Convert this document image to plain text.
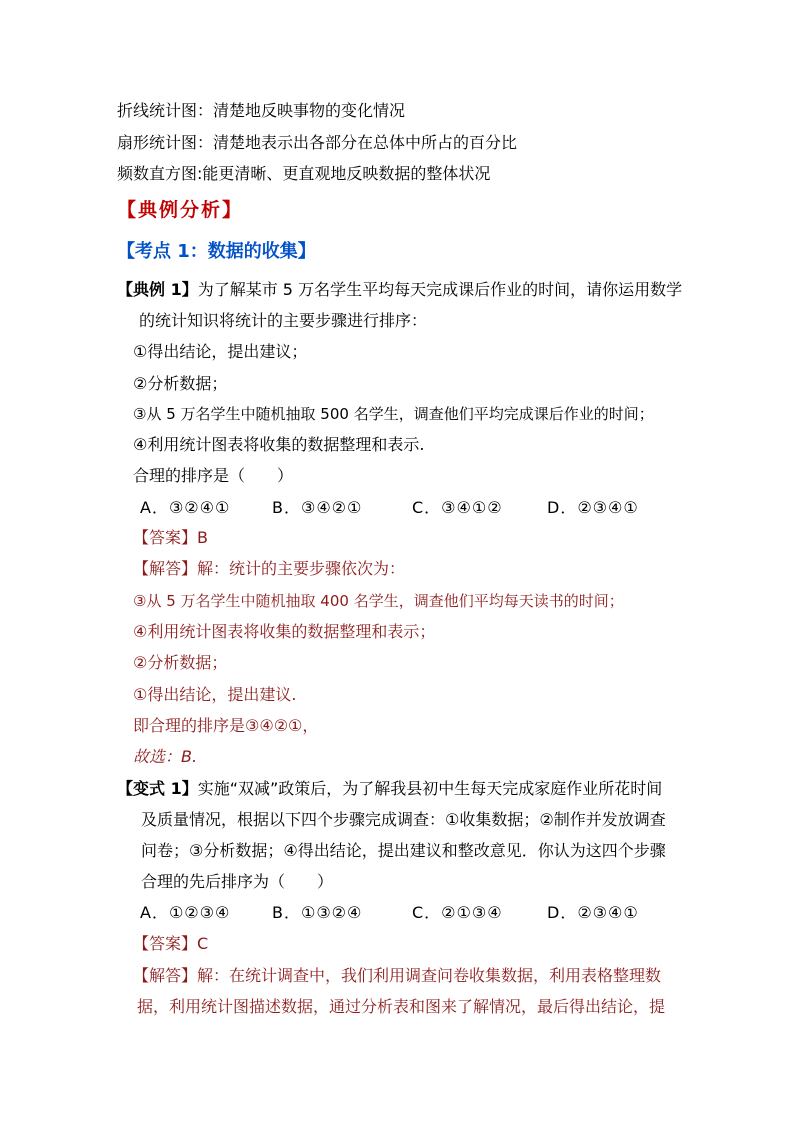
折线统计图：清楚地反映事物的变化情况
扇形统计图：清楚地表示出各部分在总体中所占的百分比
频数直方图:能更清晰、更直观地反映数据的整体状况
【典例分析】
【考点 1：数据的收集】
【典例 1】为了解某市 5 万名学生平均每天完成课后作业的时间，请你运用数学
的统计知识将统计的主要步骤进行排序：
①得出结论，提出建议；
②分析数据；
③从 5 万名学生中随机抽取 500 名学生，调查他们平均完成课后作业的时间；
④利用统计图表将收集的数据整理和表示.
合理的排序是（　　）
A．③②④①	B．③④②①	C．③④①②	D．②③④①
【答案】B
【解答】解：统计的主要步骤依次为：
③从 5 万名学生中随机抽取 400 名学生，调查他们平均每天读书的时间；
④利用统计图表将收集的数据整理和表示；
②分析数据；
①得出结论，提出建议.
即合理的排序是③④②①，
故选：B.
【变式 1】实施“双减”政策后，为了解我县初中生每天完成家庭作业所花时间
及质量情况，根据以下四个步骤完成调查：①收集数据；②制作并发放调查
问卷；③分析数据；④得出结论，提出建议和整改意见．你认为这四个步骤
合理的先后排序为（　　）
A．①②③④	B．①③②④	C．②①③④	D．②③④①
【答案】C
【解答】解：在统计调查中，我们利用调查问卷收集数据，利用表格整理数
据，利用统计图描述数据，通过分析表和图来了解情况，最后得出结论，提
